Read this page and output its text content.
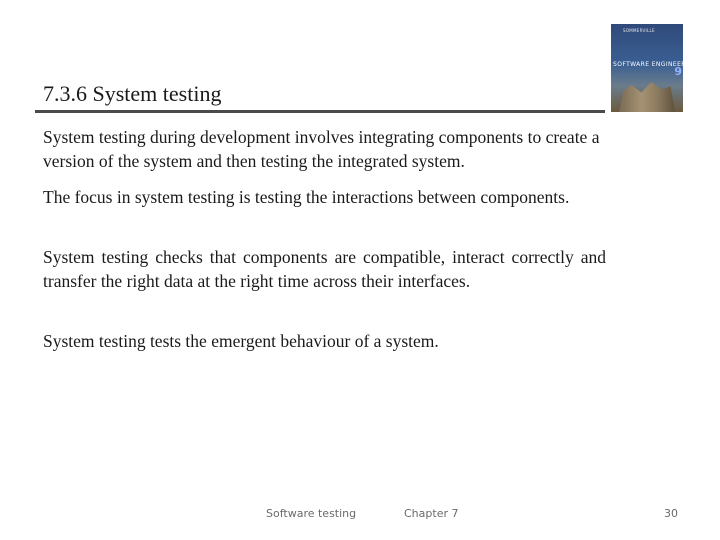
SOMMERVILLE
SOFTWARE ENGINEERING
9
7.3.6 System testing

System testing during development involves integrating components to create a version of the system and then testing the integrated system.

The focus in system testing is testing the interactions between components.

System testing checks that components are compatible, interact correctly and transfer the right data at the right time across their interfaces.

System testing tests the emergent behaviour of a system.

Software testing	Chapter 7	30
